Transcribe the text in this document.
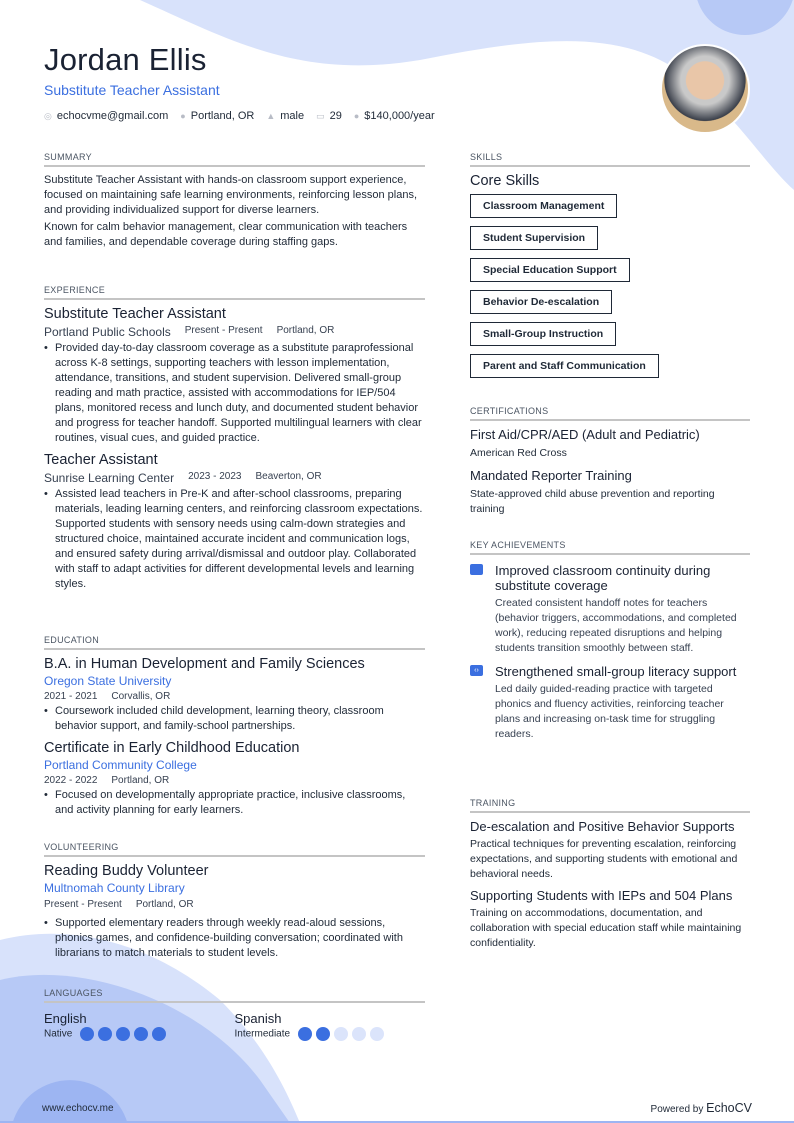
Jordan Ellis
Substitute Teacher Assistant
◎ echocvme@gmail.com ● Portland, OR ▲ male ▭ 29 ● $140,000/year
SUMMARY
Substitute Teacher Assistant with hands-on classroom support experience, focused on maintaining safe learning environments, reinforcing lesson plans, and providing individualized support for diverse learners.
Known for calm behavior management, clear communication with teachers and families, and dependable coverage during staffing gaps.
EXPERIENCE
Substitute Teacher Assistant
Portland Public Schools Present - Present Portland, OR
• Provided day-to-day classroom coverage as a substitute paraprofessional across K-8 settings, supporting teachers with lesson implementation, attendance, transitions, and student supervision. Delivered small-group reading and math practice, assisted with accommodations for IEP/504 plans, monitored recess and lunch duty, and documented student behavior and progress for teacher handoff. Supported multilingual learners with clear routines, visual cues, and guided practice.
Teacher Assistant
Sunrise Learning Center 2023 - 2023 Beaverton, OR
• Assisted lead teachers in Pre-K and after-school classrooms, preparing materials, leading learning centers, and reinforcing classroom expectations. Supported students with sensory needs using calm-down strategies and structured choice, maintained accurate incident and communication logs, and ensured safety during arrival/dismissal and outdoor play. Collaborated with staff to adapt activities for different developmental levels and learning styles.
EDUCATION
B.A. in Human Development and Family Sciences
Oregon State University
2021 - 2021 Corvallis, OR
• Coursework included child development, learning theory, classroom behavior support, and family-school partnerships.
Certificate in Early Childhood Education
Portland Community College
2022 - 2022 Portland, OR
• Focused on developmentally appropriate practice, inclusive classrooms, and activity planning for early learners.
VOLUNTEERING
Reading Buddy Volunteer
Multnomah County Library
Present - Present Portland, OR
• Supported elementary readers through weekly read-aloud sessions, phonics games, and confidence-building conversation; coordinated with librarians to match materials to student levels.
LANGUAGES
English
Native
Spanish
Intermediate
SKILLS
Core Skills
Classroom Management
Student Supervision
Special Education Support
Behavior De-escalation
Small-Group Instruction
Parent and Staff Communication
CERTIFICATIONS
First Aid/CPR/AED (Adult and Pediatric)
American Red Cross
Mandated Reporter Training
State-approved child abuse prevention and reporting training
KEY ACHIEVEMENTS
Improved classroom continuity during substitute coverage
Created consistent handoff notes for teachers (behavior triggers, accommodations, and completed work), reducing repeated disruptions and helping students transition smoothly between staff.
‹›	Strengthened small-group literacy support
Led daily guided-reading practice with targeted phonics and fluency activities, reinforcing teacher plans and increasing on-task time for struggling readers.
TRAINING
De-escalation and Positive Behavior Supports
Practical techniques for preventing escalation, reinforcing expectations, and supporting students with emotional and behavioral needs.
Supporting Students with IEPs and 504 Plans
Training on accommodations, documentation, and collaboration with special education staff while maintaining confidentiality.
www.echocv.me	Powered by EchoCV
